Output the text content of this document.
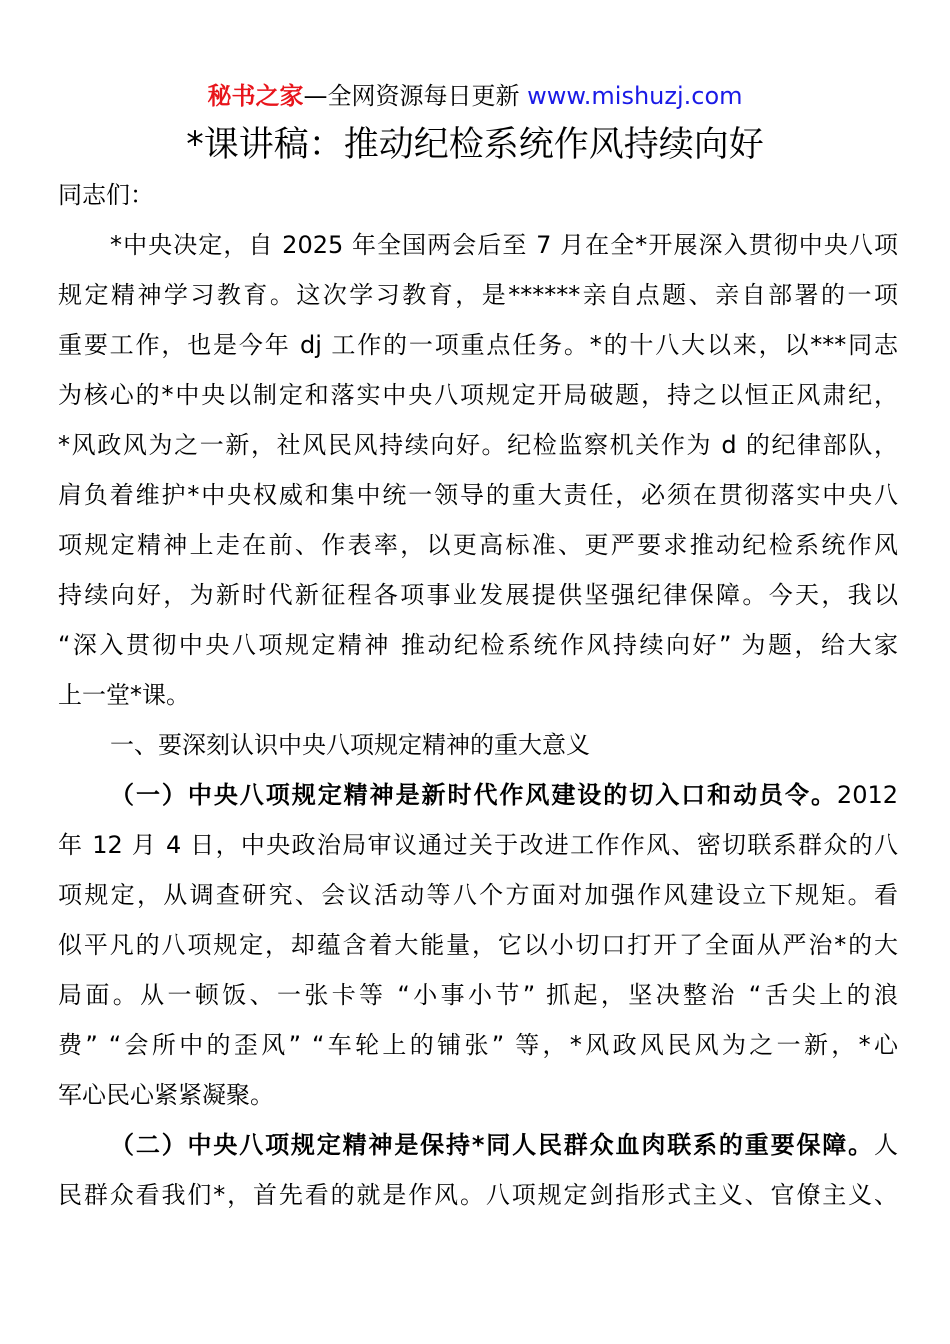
秘书之家—全网资源每日更新 www.mishuzj.com
*课讲稿：推动纪检系统作风持续向好
同志们：
*中央决定，自 2025 年全国两会后至 7 月在全*开展深入贯彻中央八项
规定精神学习教育。这次学习教育，是******亲自点题、亲自部署的一项
重要工作，也是今年 dj 工作的一项重点任务。*的十八大以来，以***同志
为核心的*中央以制定和落实中央八项规定开局破题，持之以恒正风肃纪，
*风政风为之一新，社风民风持续向好。纪检监察机关作为 d 的纪律部队，
肩负着维护*中央权威和集中统一领导的重大责任，必须在贯彻落实中央八
项规定精神上走在前、作表率，以更高标准、更严要求推动纪检系统作风
持续向好，为新时代新征程各项事业发展提供坚强纪律保障。今天，我以
“深入贯彻中央八项规定精神 推动纪检系统作风持续向好” 为题，给大家
上一堂*课。
一、要深刻认识中央八项规定精神的重大意义
（一）中央八项规定精神是新时代作风建设的切入口和动员令。2012
年 12 月 4 日，中央政治局审议通过关于改进工作作风、密切联系群众的八
项规定，从调查研究、会议活动等八个方面对加强作风建设立下规矩。看
似平凡的八项规定，却蕴含着大能量，它以小切口打开了全面从严治*的大
局面。从一顿饭、一张卡等 “小事小节” 抓起，坚决整治 “舌尖上的浪
费” “会所中的歪风” “车轮上的铺张” 等，*风政风民风为之一新，*心
军心民心紧紧凝聚。
（二）中央八项规定精神是保持*同人民群众血肉联系的重要保障。人
民群众看我们*，首先看的就是作风。八项规定剑指形式主义、官僚主义、
